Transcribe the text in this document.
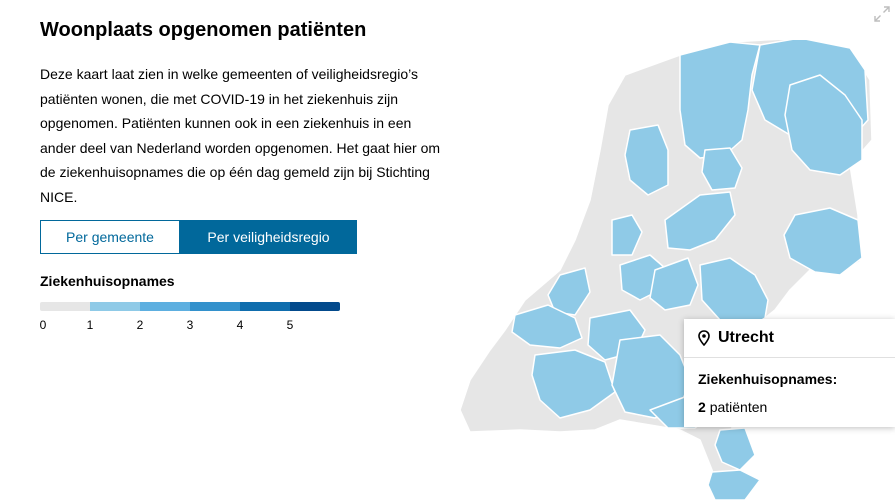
Woonplaats opgenomen patiënten

Deze kaart laat zien in welke gemeenten of veiligheidsregio’s patiënten wonen, die met COVID-19 in het ziekenhuis zijn opgenomen. Patiënten kunnen ook in een ziekenhuis in een ander deel van Nederland worden opgenomen. Het gaat hier om de ziekenhuisopnames die op één dag gemeld zijn bij Stichting NICE.

Per gemeente	Per veiligheidsregio
Ziekenhuisopnames
0	1	2	3	4	5
Utrecht
Ziekenhuisopnames:
2 patiënten
